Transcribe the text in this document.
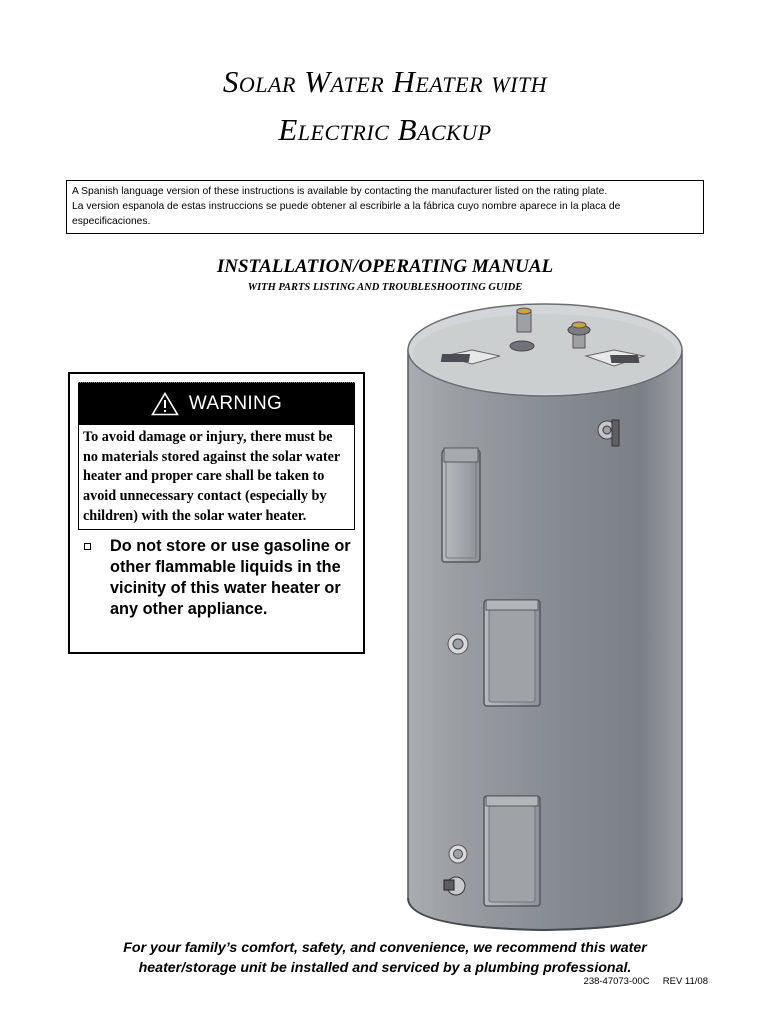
Solar Water Heater with
Electric Backup
A Spanish language version of these instructions is available by contacting the manufacturer listed on the rating plate.
La version espanola de estas instruccions se puede obtener al escribirle a la fábrica cuyo nombre aparece in la placa de
especificaciones.
INSTALLATION/OPERATING MANUAL
WITH PARTS LISTING AND TROUBLESHOOTING GUIDE
WARNING
To avoid damage or injury, there must be no materials stored against the solar water heater and proper care shall be taken to avoid unnecessary contact (especially by children) with the solar water heater.
Do not store or use gasoline or other flammable liquids in the vicinity of this water heater or any other appliance.
For your family’s comfort, safety, and convenience, we recommend this water
heater/storage unit be installed and serviced by a plumbing professional.
238-47073-00C     REV 11/08
